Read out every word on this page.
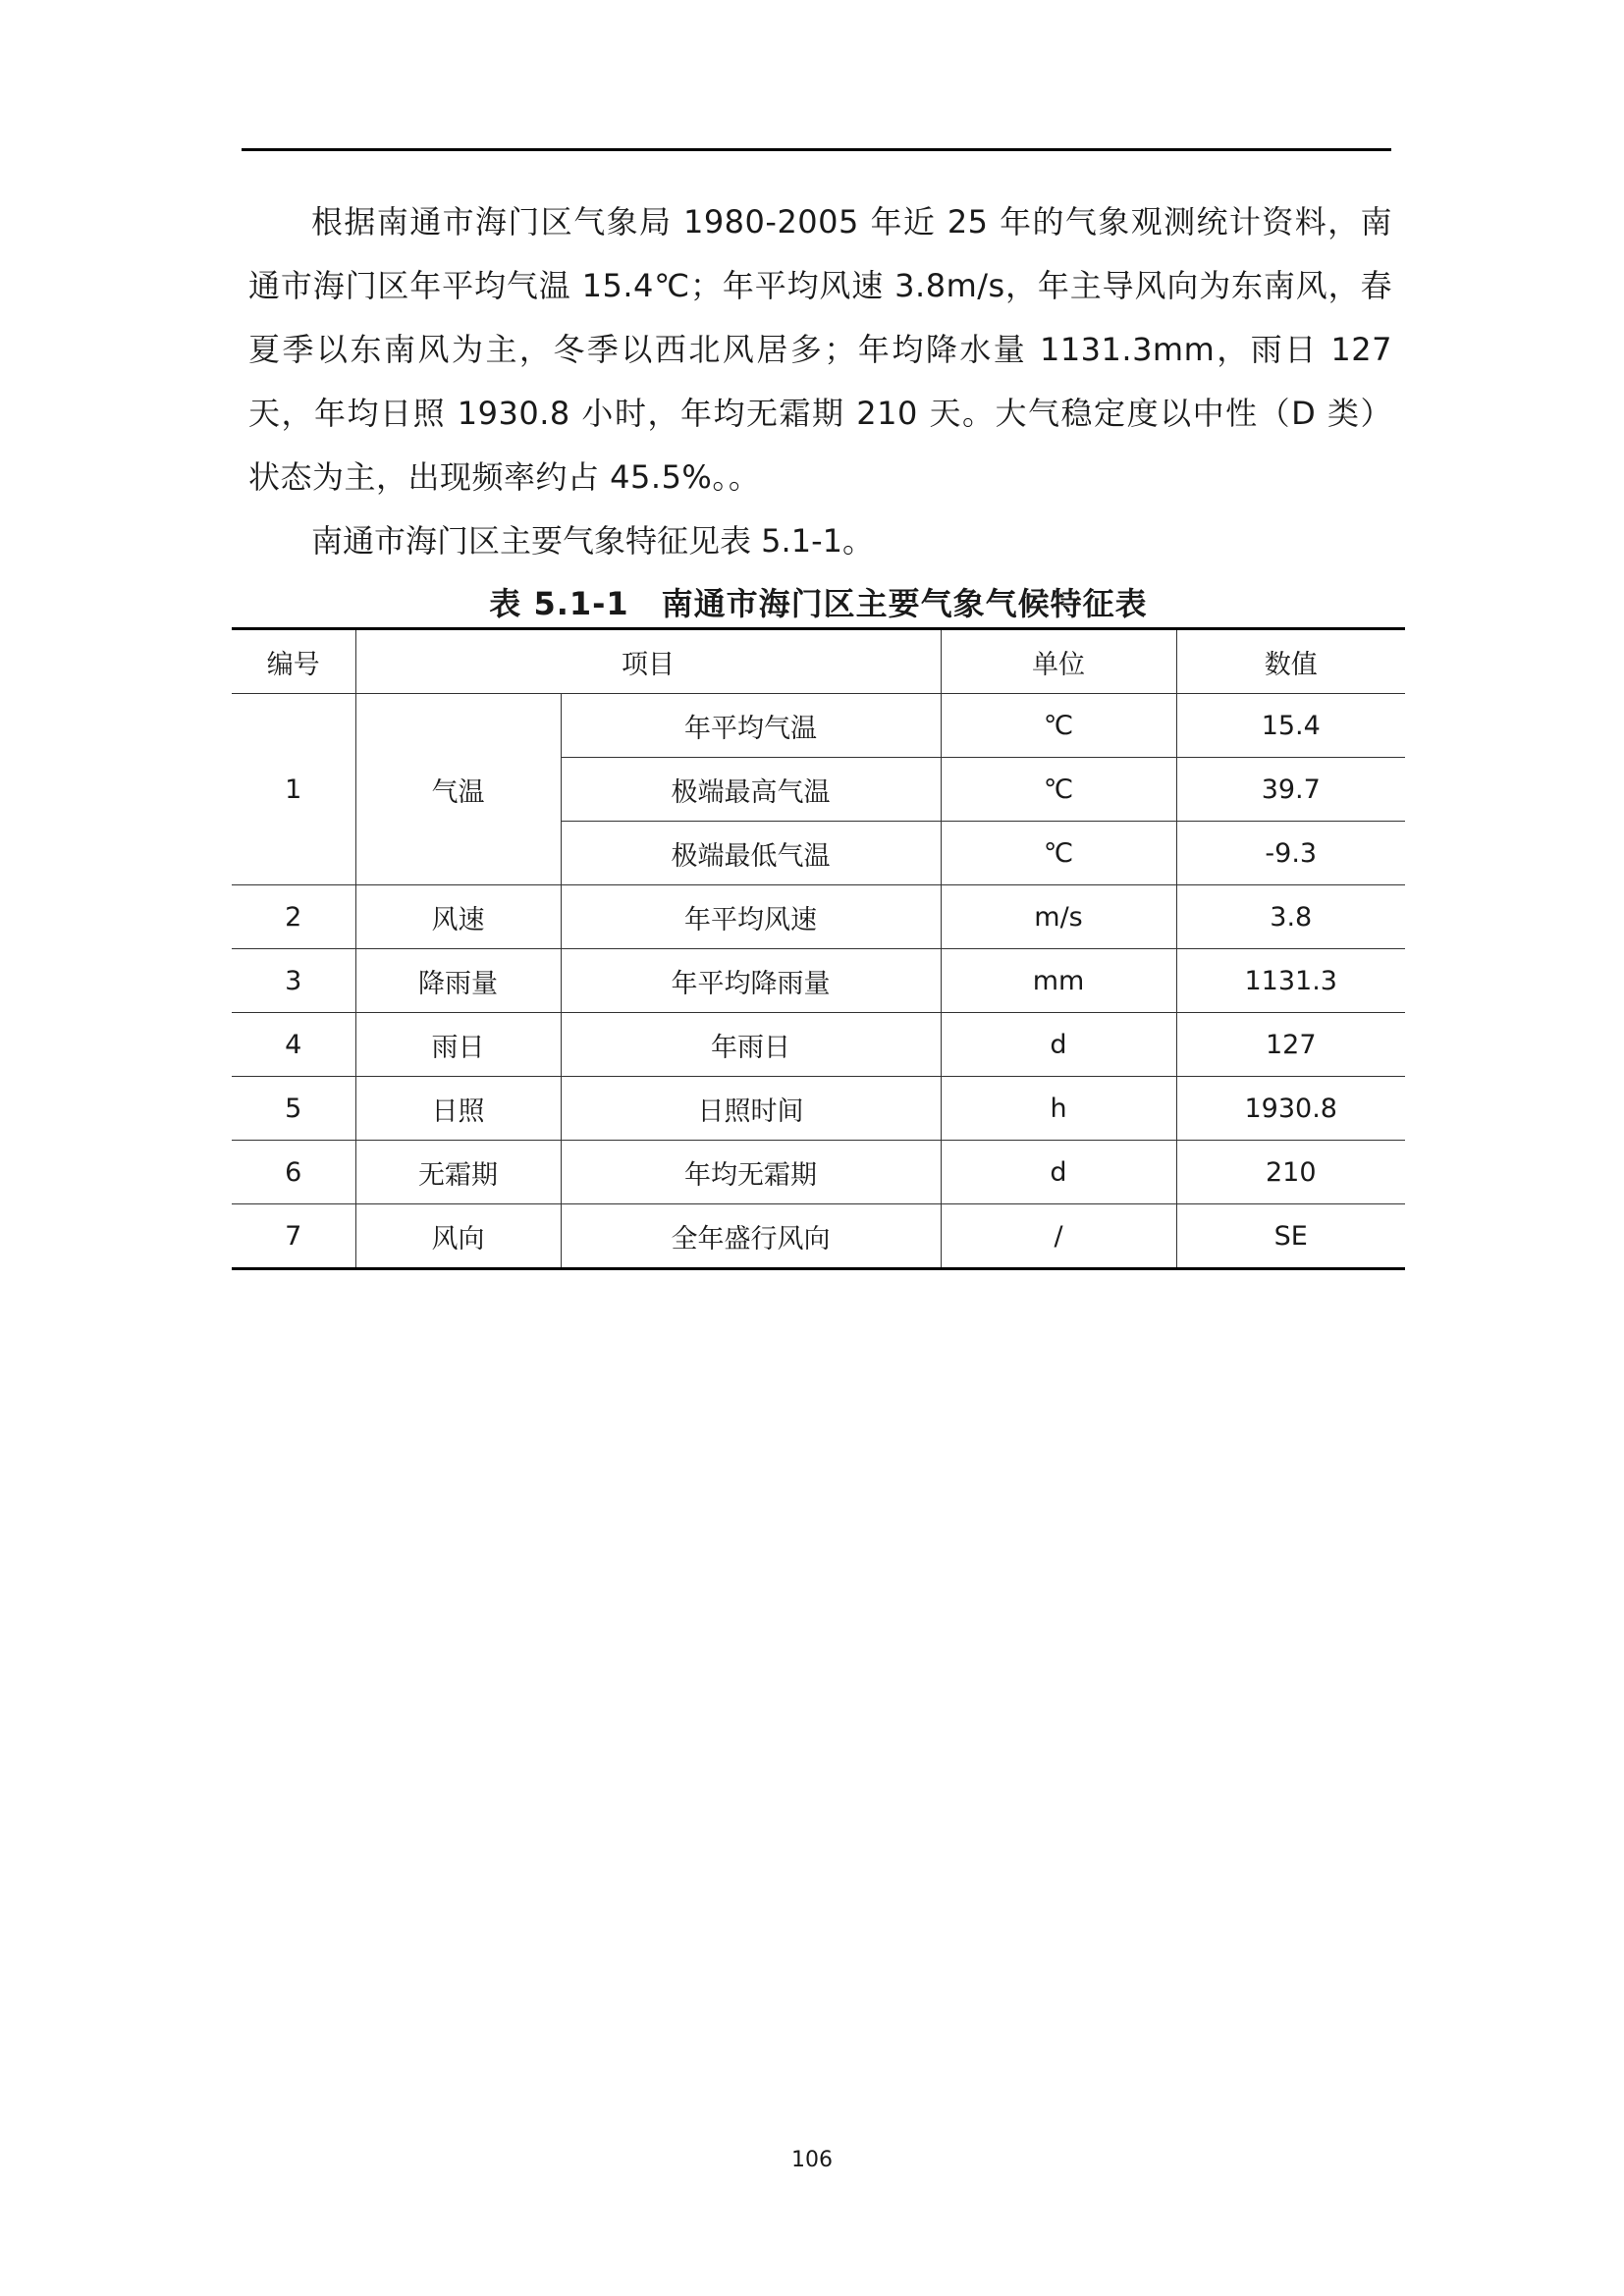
根据南通市海门区气象局 1980-2005 年近 25 年的气象观测统计资料，南通市海门区年平均气温 15.4℃；年平均风速 3.8m/s，年主导风向为东南风，春夏季以东南风为主，冬季以西北风居多；年均降水量 1131.3mm，雨日 127 天，年均日照 1930.8 小时，年均无霜期 210 天。大气稳定度以中性（D 类）状态为主，出现频率约占 45.5%。。

南通市海门区主要气象特征见表 5.1-1。

表 5.1-1　南通市海门区主要气象气候特征表
编号	项目		单位	数值
1	气温	年平均气温	℃	15.4
		极端最高气温	℃	39.7
		极端最低气温	℃	-9.3
2	风速	年平均风速	m/s	3.8
3	降雨量	年平均降雨量	mm	1131.3
4	雨日	年雨日	d	127
5	日照	日照时间	h	1930.8
6	无霜期	年均无霜期	d	210
7	风向	全年盛行风向	/	SE
106
